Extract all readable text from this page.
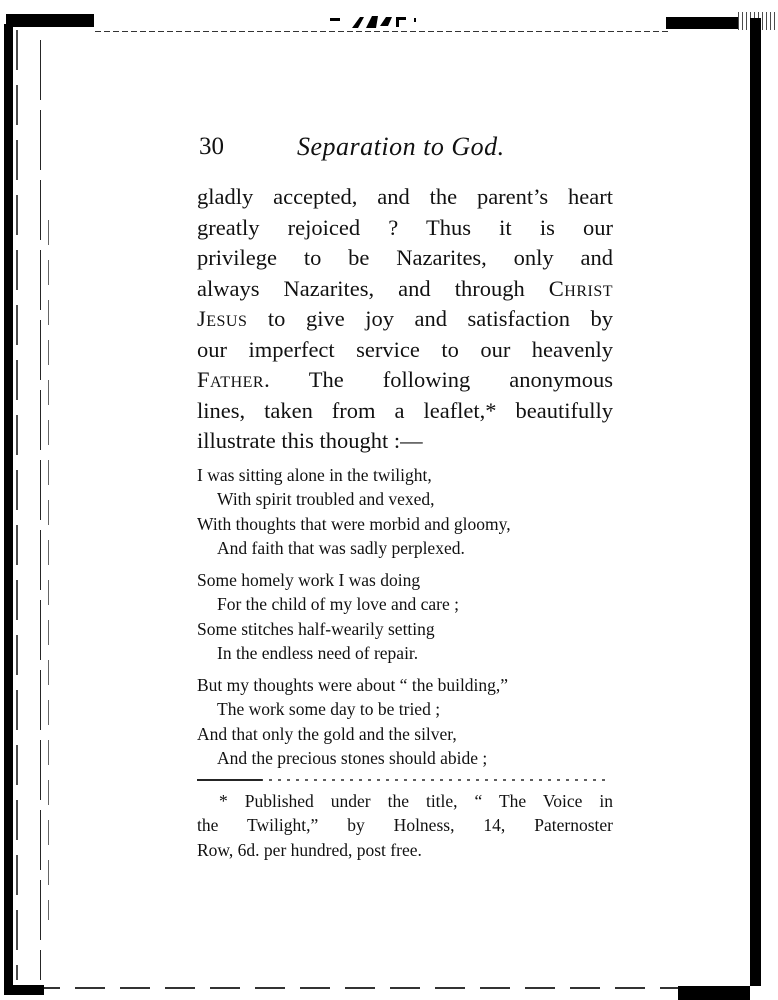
30	Separation to God.
gladly accepted, and the parent’s heart
greatly rejoiced ? Thus it is our
privilege to be Nazarites, only and
always Nazarites, and through Christ
Jesus to give joy and satisfaction by
our imperfect service to our heavenly
Father. The following anonymous
lines, taken from a leaflet,* beautifully
illustrate this thought :—
I was sitting alone in the twilight,
With spirit troubled and vexed,
With thoughts that were morbid and gloomy,
And faith that was sadly perplexed.
Some homely work I was doing
For the child of my love and care ;
Some stitches half-wearily setting
In the endless need of repair.
But my thoughts were about “ the building,”
The work some day to be tried ;
And that only the gold and the silver,
And the precious stones should abide ;
* Published under the title, “ The Voice in
the Twilight,” by Holness, 14, Paternoster
Row, 6d. per hundred, post free.
